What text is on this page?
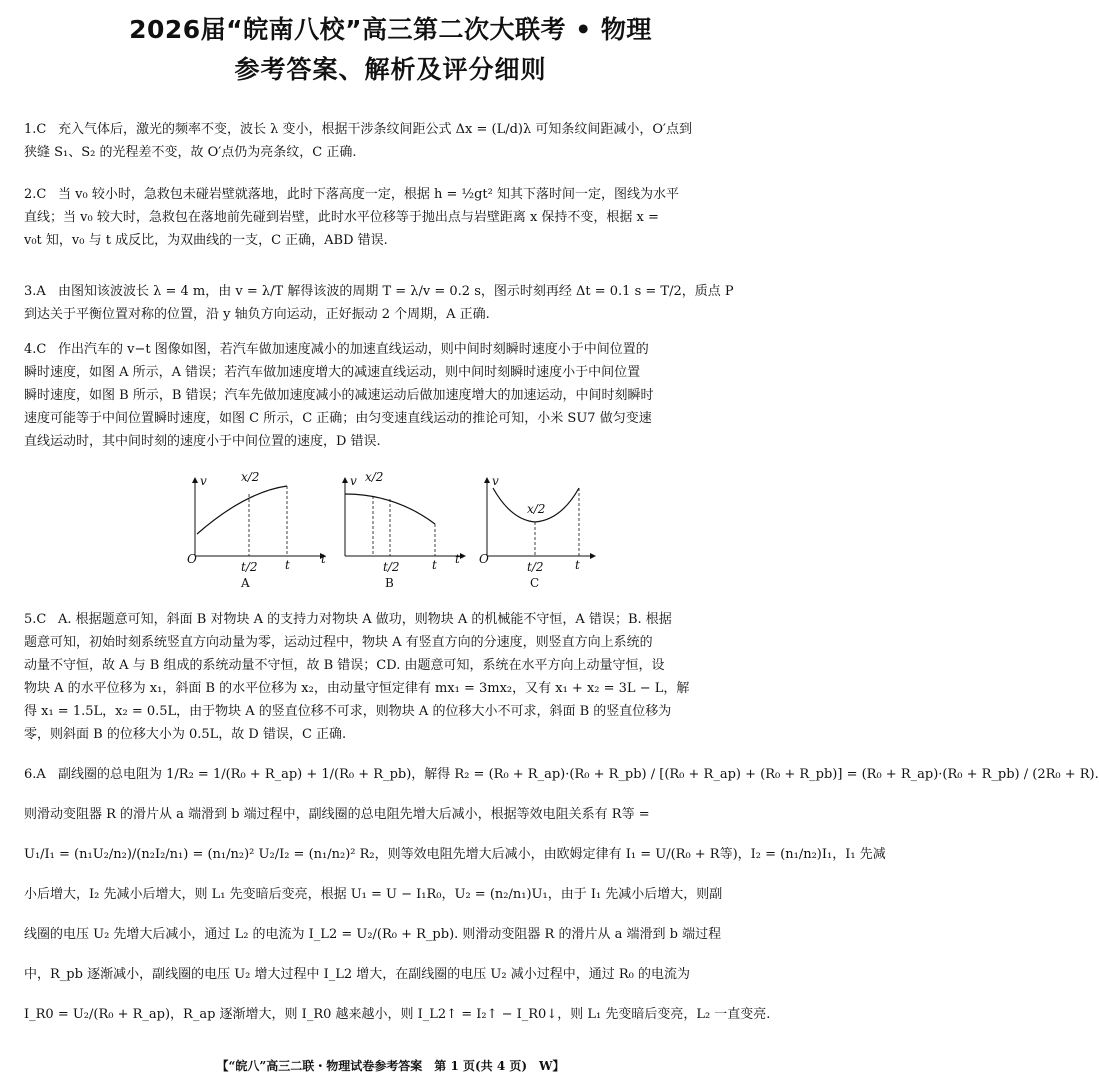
2026届“皖南八校”高三第二次大联考 • 物理
参考答案、解析及评分细则
1.C 充入气体后，激光的频率不变，波长 λ 变小，根据干涉条纹间距公式 Δx = (L/d)λ 可知条纹间距减小，O′点到
狭缝 S₁、S₂ 的光程差不变，故 O′点仍为亮条纹，C 正确.
2.C 当 v₀ 较小时，急救包未碰岩壁就落地，此时下落高度一定，根据 h = ½gt² 知其下落时间一定，图线为水平
直线；当 v₀ 较大时，急救包在落地前先碰到岩壁，此时水平位移等于抛出点与岩壁距离 x 保持不变，根据 x =
v₀t 知，v₀ 与 t 成反比，为双曲线的一支，C 正确，ABD 错误.
3.A 由图知该波波长 λ = 4 m，由 v = λ/T 解得该波的周期 T = λ/v = 0.2 s，图示时刻再经 Δt = 0.1 s = T/2，质点 P
到达关于平衡位置对称的位置，沿 y 轴负方向运动，正好振动 2 个周期，A 正确.
4.C 作出汽车的 v−t 图像如图，若汽车做加速度减小的加速直线运动，则中间时刻瞬时速度小于中间位置的
瞬时速度，如图 A 所示，A 错误；若汽车做加速度增大的减速直线运动，则中间时刻瞬时速度小于中间位置
瞬时速度，如图 B 所示，B 错误；汽车先做加速度减小的减速运动后做加速度增大的加速运动，中间时刻瞬时
速度可能等于中间位置瞬时速度，如图 C 所示，C 正确；由匀变速直线运动的推论可知，小米 SU7 做匀变速
直线运动时，其中间时刻的速度小于中间位置的速度，D 错误.
v
O
x/2
t/2 t	t
A
v x/2
t/2	t t
B
v
O
x/2
t/2	t
C
5.C A. 根据题意可知，斜面 B 对物块 A 的支持力对物块 A 做功，则物块 A 的机械能不守恒，A 错误；B. 根据
题意可知，初始时刻系统竖直方向动量为零，运动过程中，物块 A 有竖直方向的分速度，则竖直方向上系统的
动量不守恒，故 A 与 B 组成的系统动量不守恒，故 B 错误；CD. 由题意可知，系统在水平方向上动量守恒，设
物块 A 的水平位移为 x₁，斜面 B 的水平位移为 x₂，由动量守恒定律有 mx₁ = 3mx₂，又有 x₁ + x₂ = 3L − L，解
得 x₁ = 1.5L，x₂ = 0.5L，由于物块 A 的竖直位移不可求，则物块 A 的位移大小不可求，斜面 B 的竖直位移为
零，则斜面 B 的位移大小为 0.5L，故 D 错误，C 正确.
6.A 副线圈的总电阻为 1/R₂ = 1/(R₀ + R_ap) + 1/(R₀ + R_pb)，解得 R₂ = (R₀ + R_ap)·(R₀ + R_pb) / [(R₀ + R_ap) + (R₀ + R_pb)] = (R₀ + R_ap)·(R₀ + R_pb) / (2R₀ + R).
则滑动变阻器 R 的滑片从 a 端滑到 b 端过程中，副线圈的总电阻先增大后减小，根据等效电阻关系有 R等 =
U₁/I₁ = (n₁U₂/n₂)/(n₂I₂/n₁) = (n₁/n₂)² U₂/I₂ = (n₁/n₂)² R₂，则等效电阻先增大后减小，由欧姆定律有 I₁ = U/(R₀ + R等)，I₂ = (n₁/n₂)I₁，I₁ 先减
小后增大，I₂ 先减小后增大，则 L₁ 先变暗后变亮，根据 U₁ = U − I₁R₀，U₂ = (n₂/n₁)U₁，由于 I₁ 先减小后增大，则副
线圈的电压 U₂ 先增大后减小，通过 L₂ 的电流为 I_L2 = U₂/(R₀ + R_pb). 则滑动变阻器 R 的滑片从 a 端滑到 b 端过程
中，R_pb 逐渐减小，副线圈的电压 U₂ 增大过程中 I_L2 增大，在副线圈的电压 U₂ 减小过程中，通过 R₀ 的电流为
I_R0 = U₂/(R₀ + R_ap)，R_ap 逐渐增大，则 I_R0 越来越小，则 I_L2↑ = I₂↑ − I_R0↓，则 L₁ 先变暗后变亮，L₂ 一直变亮.
【“皖八”高三二联・物理试卷参考答案　第 1 页(共 4 页)　W】
